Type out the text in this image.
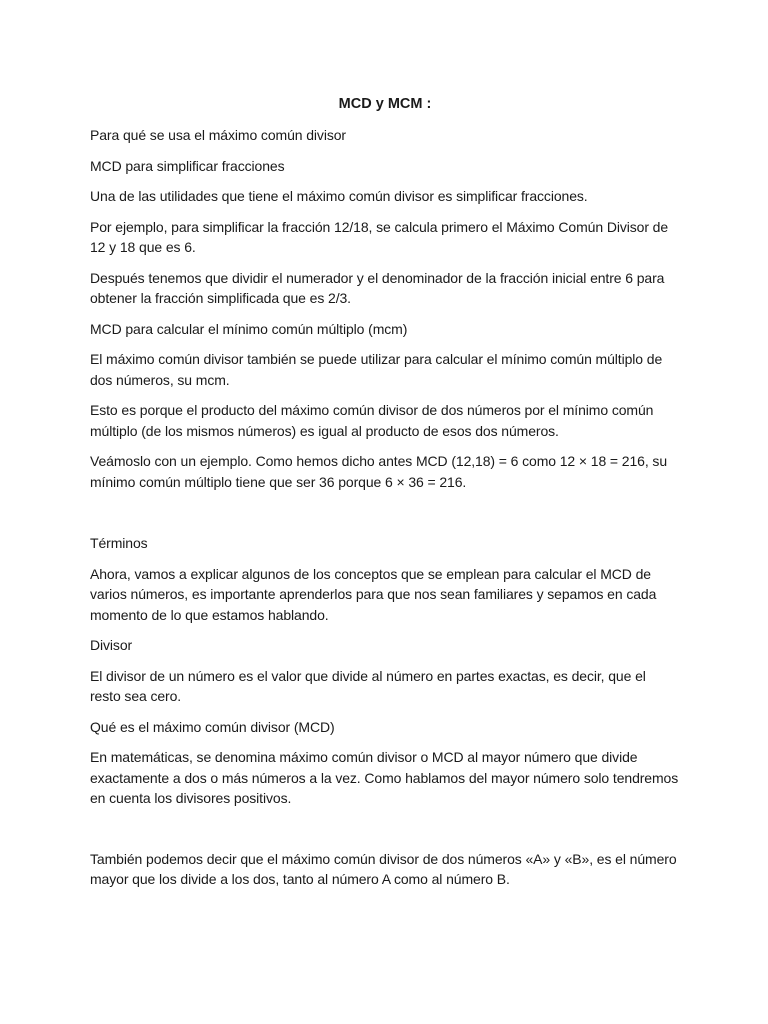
MCD y MCM :

Para qué se usa el máximo común divisor

MCD para simplificar fracciones

Una de las utilidades que tiene el máximo común divisor es simplificar fracciones.

Por ejemplo, para simplificar la fracción 12/18, se calcula primero el Máximo Común Divisor de 12 y 18 que es 6.

Después tenemos que dividir el numerador y el denominador de la fracción inicial entre 6 para obtener la fracción simplificada que es 2/3.

MCD para calcular el mínimo común múltiplo (mcm)

El máximo común divisor también se puede utilizar para calcular el mínimo común múltiplo de dos números, su mcm.

Esto es porque el producto del máximo común divisor de dos números por el mínimo común múltiplo (de los mismos números) es igual al producto de esos dos números.

Veámoslo con un ejemplo. Como hemos dicho antes MCD (12,18) = 6 como 12 × 18 = 216, su mínimo común múltiplo tiene que ser 36 porque 6 × 36 = 216.

Términos

Ahora, vamos a explicar algunos de los conceptos que se emplean para calcular el MCD de varios números, es importante aprenderlos para que nos sean familiares y sepamos en cada momento de lo que estamos hablando.

Divisor

El divisor de un número es el valor que divide al número en partes exactas, es decir, que el resto sea cero.

Qué es el máximo común divisor (MCD)

En matemáticas, se denomina máximo común divisor o MCD al mayor número que divide exactamente a dos o más números a la vez. Como hablamos del mayor número solo tendremos en cuenta los divisores positivos.

También podemos decir que el máximo común divisor de dos números «A» y «B», es el número mayor que los divide a los dos, tanto al número A como al número B.
